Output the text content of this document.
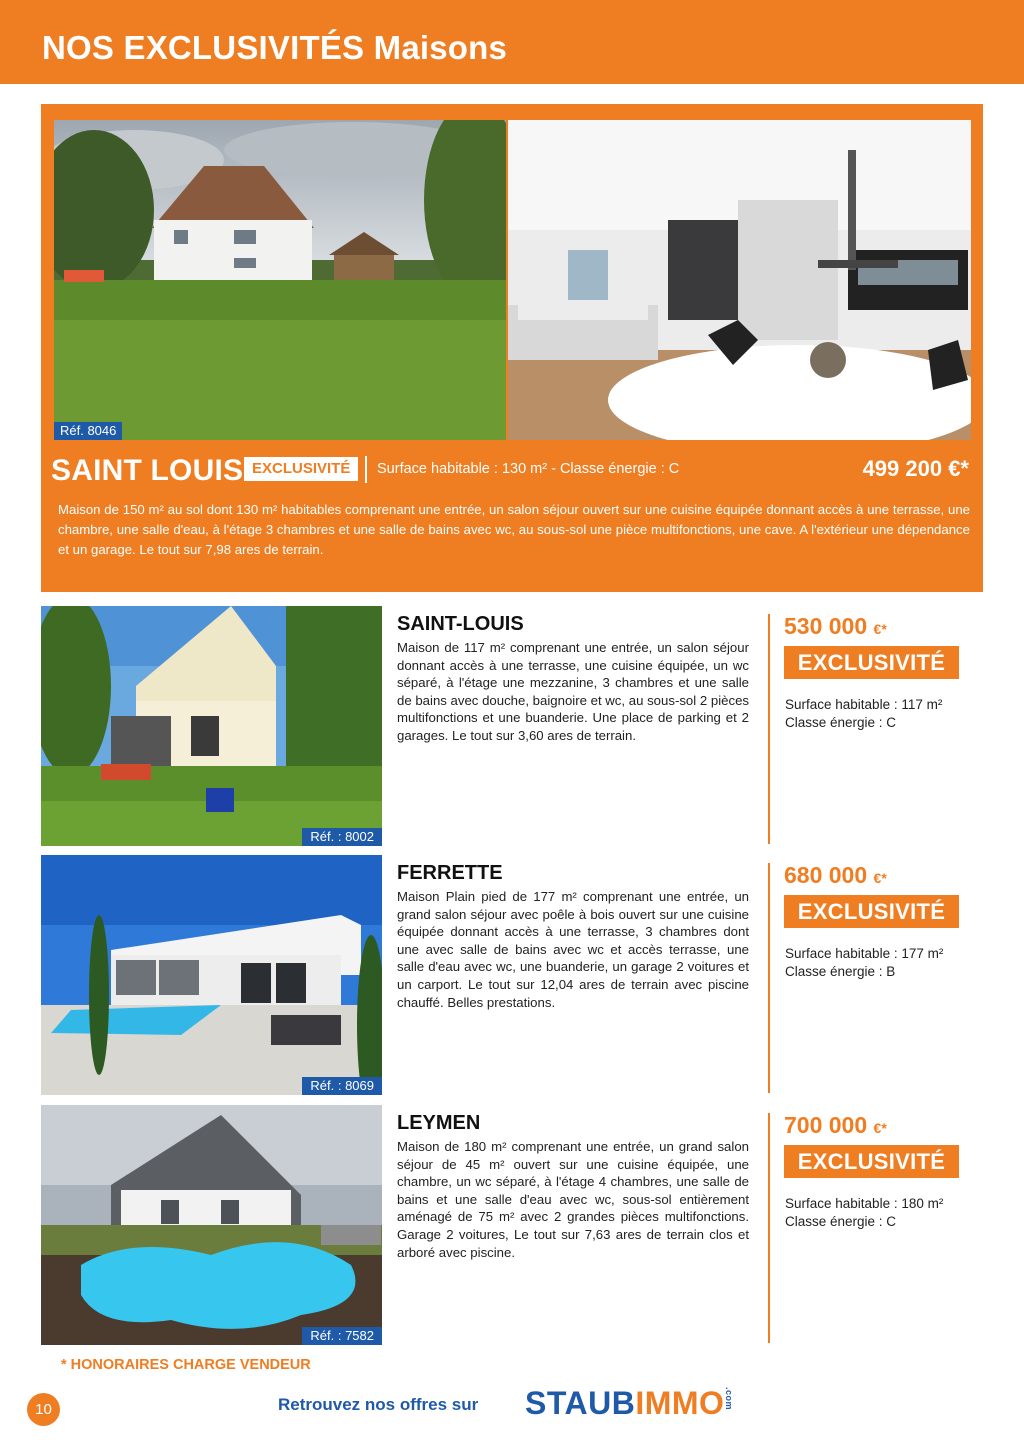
NOS EXCLUSIVITÉS Maisons
Réf. 8046
SAINT LOUIS EXCLUSIVITÉ	Surface habitable : 130 m² - Classe énergie : C	499 200 €*
Maison de 150 m² au sol dont 130 m² habitables comprenant une entrée, un salon séjour ouvert sur une cuisine équipée donnant accès à une terrasse, une chambre, une salle d'eau, à l'étage 3 chambres et une salle de bains avec wc, au sous-sol une pièce multifonctions, une cave. A l'extérieur une dépendance et un garage. Le tout sur 7,98 ares de terrain.
Réf. : 8002
SAINT-LOUIS
Maison de 117 m² comprenant une entrée, un salon séjour donnant accès à une terrasse, une cuisine équipée, un wc séparé, à l'étage une mezzanine, 3 chambres et une salle de bains avec douche, baignoire et wc, au sous-sol 2 pièces multifonctions et une buanderie. Une place de parking et 2 garages. Le tout sur 3,60 ares de terrain.
530 000 €*
EXCLUSIVITÉ
Surface habitable : 117 m²
Classe énergie : C
Réf. : 8069
FERRETTE
Maison Plain pied de 177 m² comprenant une entrée, un grand salon séjour avec poêle à bois ouvert sur une cuisine équipée donnant accès à une terrasse, 3 chambres dont une avec salle de bains avec wc et accès terrasse, une salle d'eau avec wc, une buanderie, un garage 2 voitures et un carport. Le tout sur 12,04 ares de terrain avec piscine chauffé. Belles prestations.
680 000 €*
EXCLUSIVITÉ
Surface habitable : 177 m²
Classe énergie : B
Réf. : 7582
LEYMEN
Maison de 180 m² comprenant une entrée, un grand salon séjour de 45 m² ouvert sur une cuisine équipée, une chambre, un wc séparé, à l'étage 4 chambres, une salle de bains et une salle d'eau avec wc, sous-sol entièrement aménagé de 75 m² avec 2 grandes pièces multifonctions. Garage 2 voitures, Le tout sur 7,63 ares de terrain clos et arboré avec piscine.
700 000 €*
EXCLUSIVITÉ
Surface habitable : 180 m²
Classe énergie : C
* HONORAIRES CHARGE VENDEUR
10	Retrouvez nos offres sur STAUBIMMO.com
